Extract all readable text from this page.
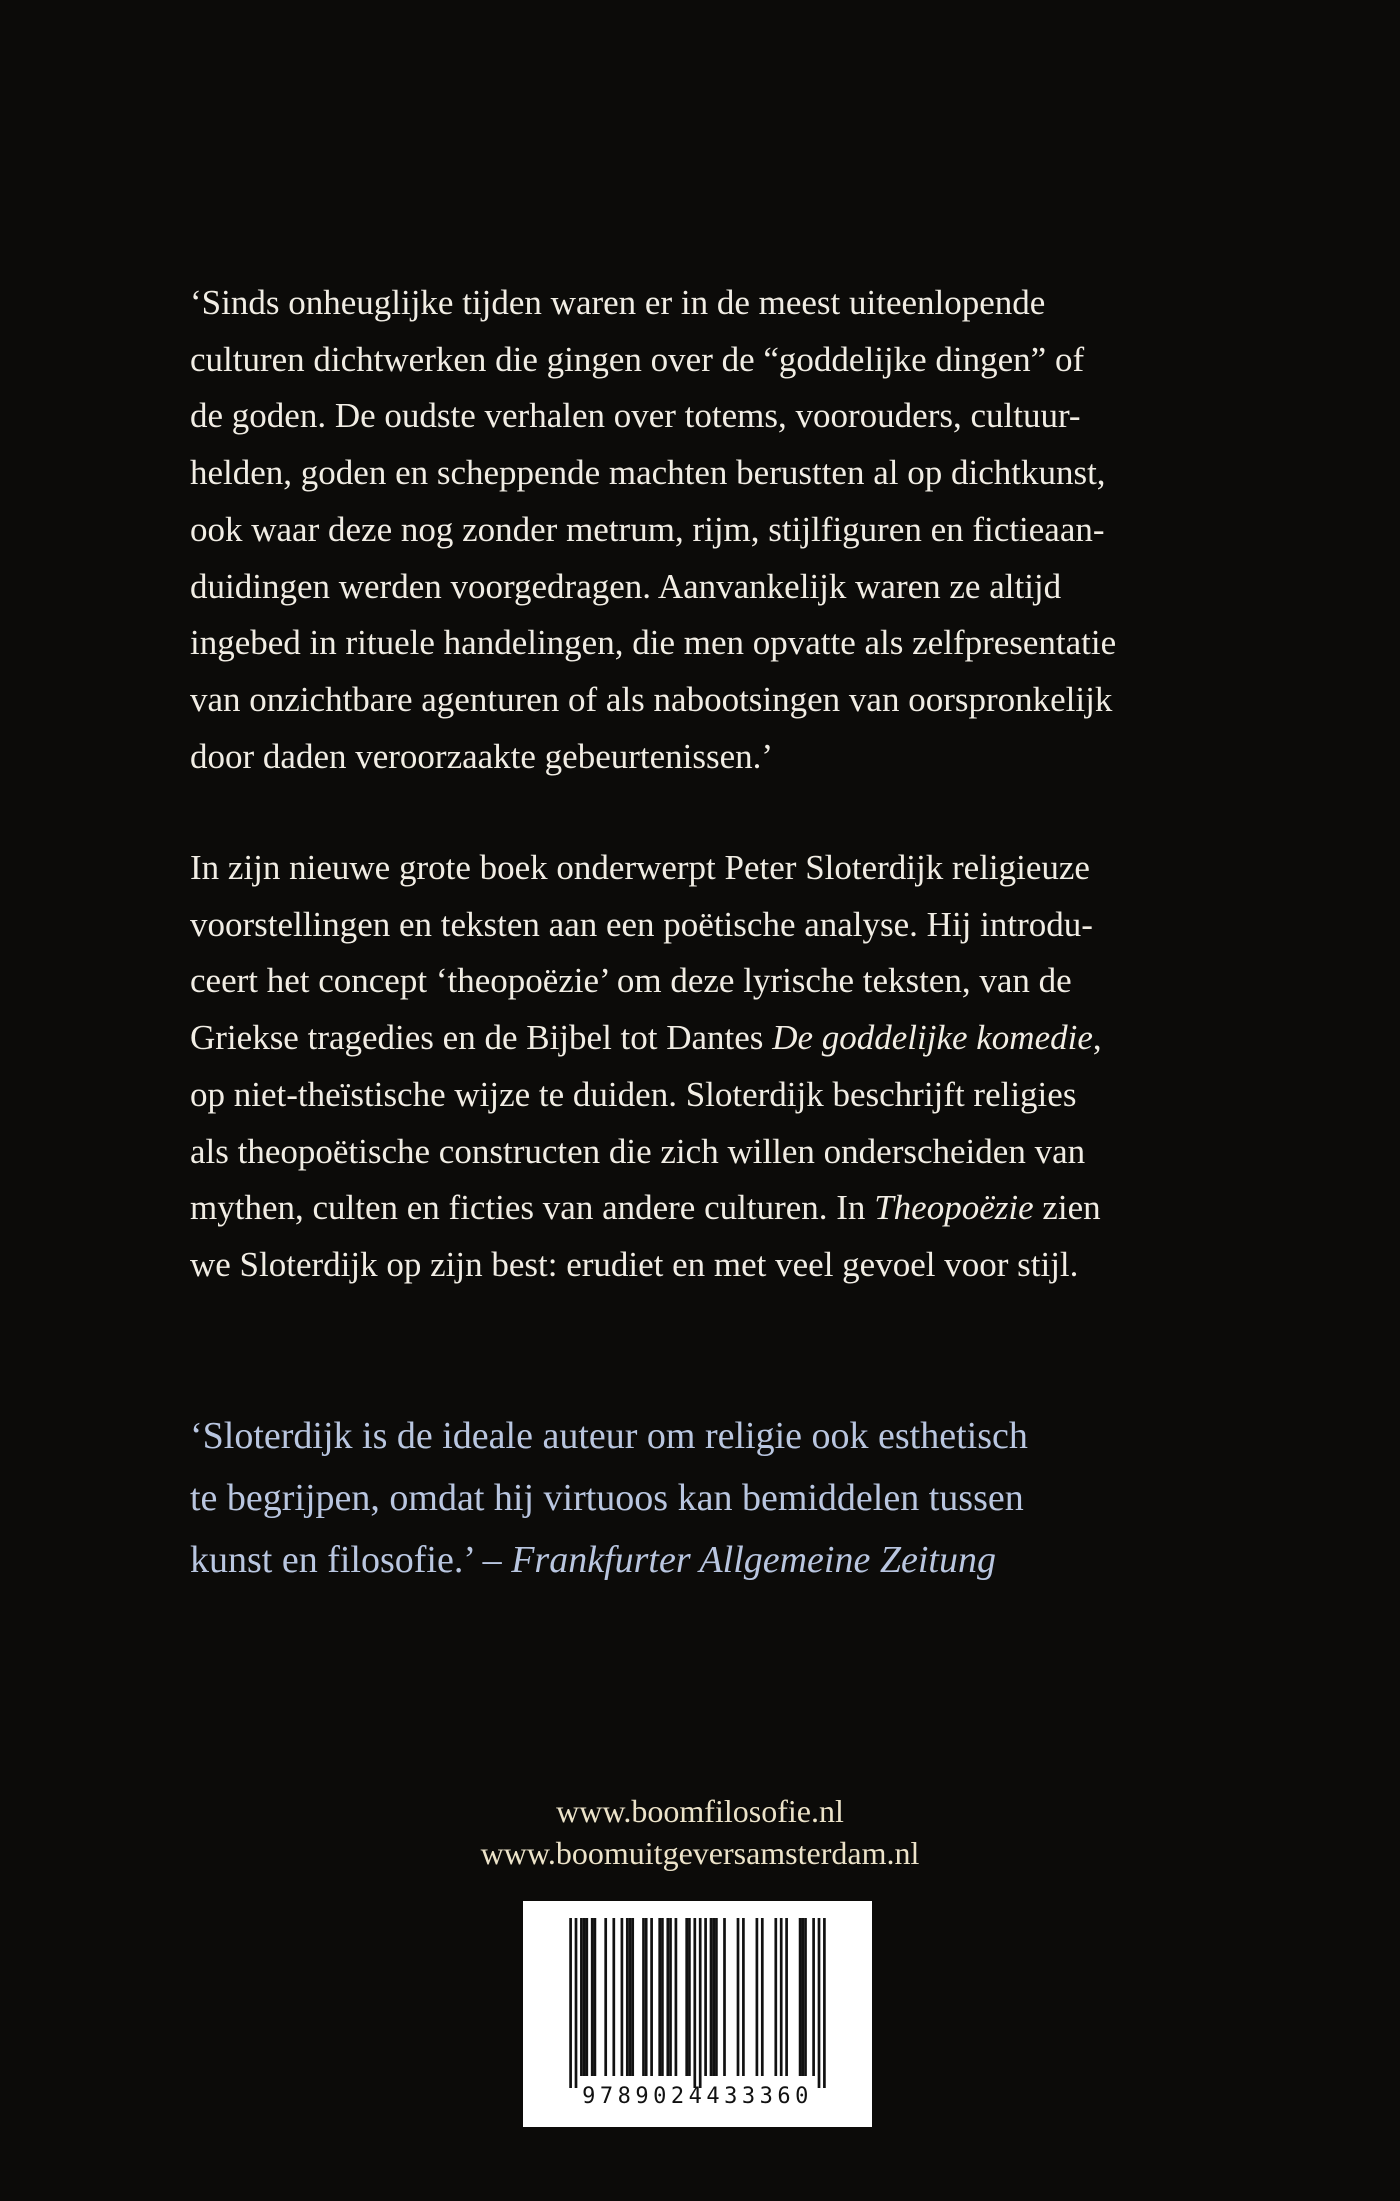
‘Sinds onheuglijke tijden waren er in de meest uiteenlopende
culturen dichtwerken die gingen over de “goddelijke dingen” of
de goden. De oudste verhalen over totems, voorouders, cultuur-
helden, goden en scheppende machten berustten al op dichtkunst,
ook waar deze nog zonder metrum, rijm, stijlfiguren en fictieaan-
duidingen werden voorgedragen. Aanvankelijk waren ze altijd
ingebed in rituele handelingen, die men opvatte als zelfpresentatie
van onzichtbare agenturen of als nabootsingen van oorspronkelijk
door daden veroorzaakte gebeurtenissen.’
In zijn nieuwe grote boek onderwerpt Peter Sloterdijk religieuze
voorstellingen en teksten aan een poëtische analyse. Hij introdu-
ceert het concept ‘theopoëzie’ om deze lyrische teksten, van de
Griekse tragedies en de Bijbel tot Dantes De goddelijke komedie,
op niet-theïstische wijze te duiden. Sloterdijk beschrijft religies
als theopoëtische constructen die zich willen onderscheiden van
mythen, culten en ficties van andere culturen. In Theopoëzie zien
we Sloterdijk op zijn best: erudiet en met veel gevoel voor stijl.
‘Sloterdijk is de ideale auteur om religie ook esthetisch
te begrijpen, omdat hij virtuoos kan bemiddelen tussen
kunst en filosofie.’ – Frankfurter Allgemeine Zeitung
www.boomfilosofie.nl
www.boomuitgeversamsterdam.nl
9789024433360
